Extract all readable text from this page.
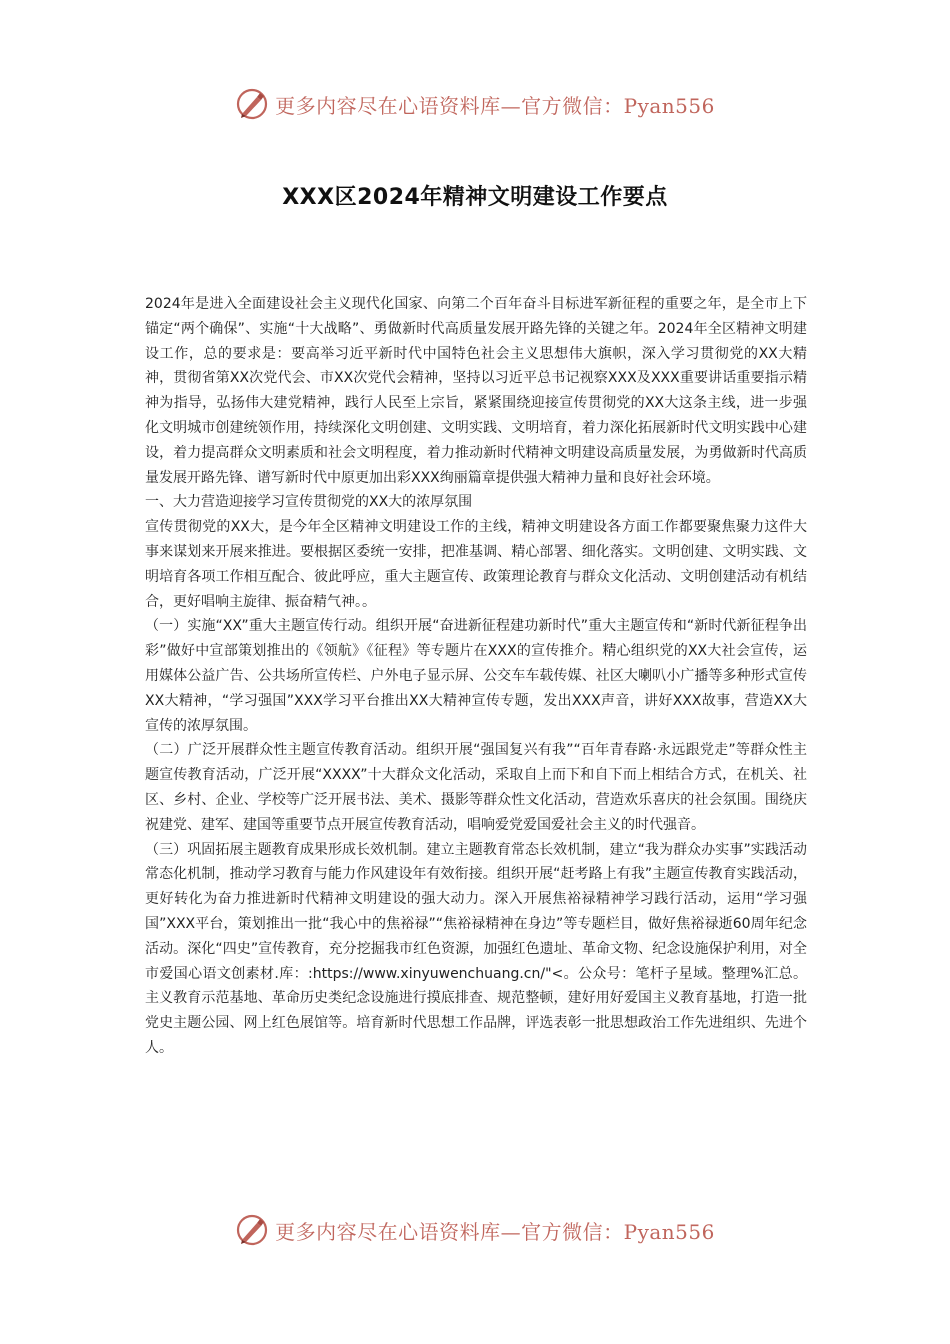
更多内容尽在心语资料库—官方微信：Pyan556
XXX区2024年精神文明建设工作要点

2024年是进入全面建设社会主义现代化国家、向第二个百年奋斗目标进军新征程的重要之年，是全市上下锚定“两个确保”、实施“十大战略”、勇做新时代高质量发展开路先锋的关键之年。2024年全区精神文明建设工作，总的要求是：要高举习近平新时代中国特色社会主义思想伟大旗帜，深入学习贯彻党的XX大精神，贯彻省第XX次党代会、市XX次党代会精神，坚持以习近平总书记视察XXX及XXX重要讲话重要指示精神为指导，弘扬伟大建党精神，践行人民至上宗旨，紧紧围绕迎接宣传贯彻党的XX大这条主线，进一步强化文明城市创建统领作用，持续深化文明创建、文明实践、文明培育，着力深化拓展新时代文明实践中心建设，着力提高群众文明素质和社会文明程度，着力推动新时代精神文明建设高质量发展，为勇做新时代高质量发展开路先锋、谱写新时代中原更加出彩XXX绚丽篇章提供强大精神力量和良好社会环境。

一、大力营造迎接学习宣传贯彻党的XX大的浓厚氛围

宣传贯彻党的XX大，是今年全区精神文明建设工作的主线，精神文明建设各方面工作都要聚焦聚力这件大事来谋划来开展来推进。要根据区委统一安排，把准基调、精心部署、细化落实。文明创建、文明实践、文明培育各项工作相互配合、彼此呼应，重大主题宣传、政策理论教育与群众文化活动、文明创建活动有机结合，更好唱响主旋律、振奋精气神。。

（一）实施“XX”重大主题宣传行动。组织开展“奋进新征程建功新时代”重大主题宣传和“新时代新征程争出彩”做好中宣部策划推出的《领航》《征程》等专题片在XXX的宣传推介。精心组织党的XX大社会宣传，运用媒体公益广告、公共场所宣传栏、户外电子显示屏、公交车车载传媒、社区大喇叭小广播等多种形式宣传XX大精神，“学习强国”XXX学习平台推出XX大精神宣传专题，发出XXX声音，讲好XXX故事，营造XX大宣传的浓厚氛围。

（二）广泛开展群众性主题宣传教育活动。组织开展“强国复兴有我”“百年青春路·永远跟党走”等群众性主题宣传教育活动，广泛开展“XXXX”十大群众文化活动，采取自上而下和自下而上相结合方式，在机关、社区、乡村、企业、学校等广泛开展书法、美术、摄影等群众性文化活动，营造欢乐喜庆的社会氛围。围绕庆祝建党、建军、建国等重要节点开展宣传教育活动，唱响爱党爱国爱社会主义的时代强音。

（三）巩固拓展主题教育成果形成长效机制。建立主题教育常态长效机制，建立“我为群众办实事”实践活动常态化机制，推动学习教育与能力作风建设年有效衔接。组织开展“赶考路上有我”主题宣传教育实践活动，更好转化为奋力推进新时代精神文明建设的强大动力。深入开展焦裕禄精神学习践行活动，运用“学习强国”XXX平台，策划推出一批“我心中的焦裕禄”“焦裕禄精神在身边”等专题栏目，做好焦裕禄逝60周年纪念活动。深化“四史”宣传教育，充分挖掘我市红色资源，加强红色遗址、革命文物、纪念设施保护利用，对全市爱国心语文创素材.库：:https://www.xinyuwenchuang.cn/"<。公众号：笔杆子星域。整理%汇总。主义教育示范基地、革命历史类纪念设施进行摸底排查、规范整顿，建好用好爱国主义教育基地，打造一批党史主题公园、网上红色展馆等。培育新时代思想工作品牌，评选表彰一批思想政治工作先进组织、先进个人。

更多内容尽在心语资料库—官方微信：Pyan556
